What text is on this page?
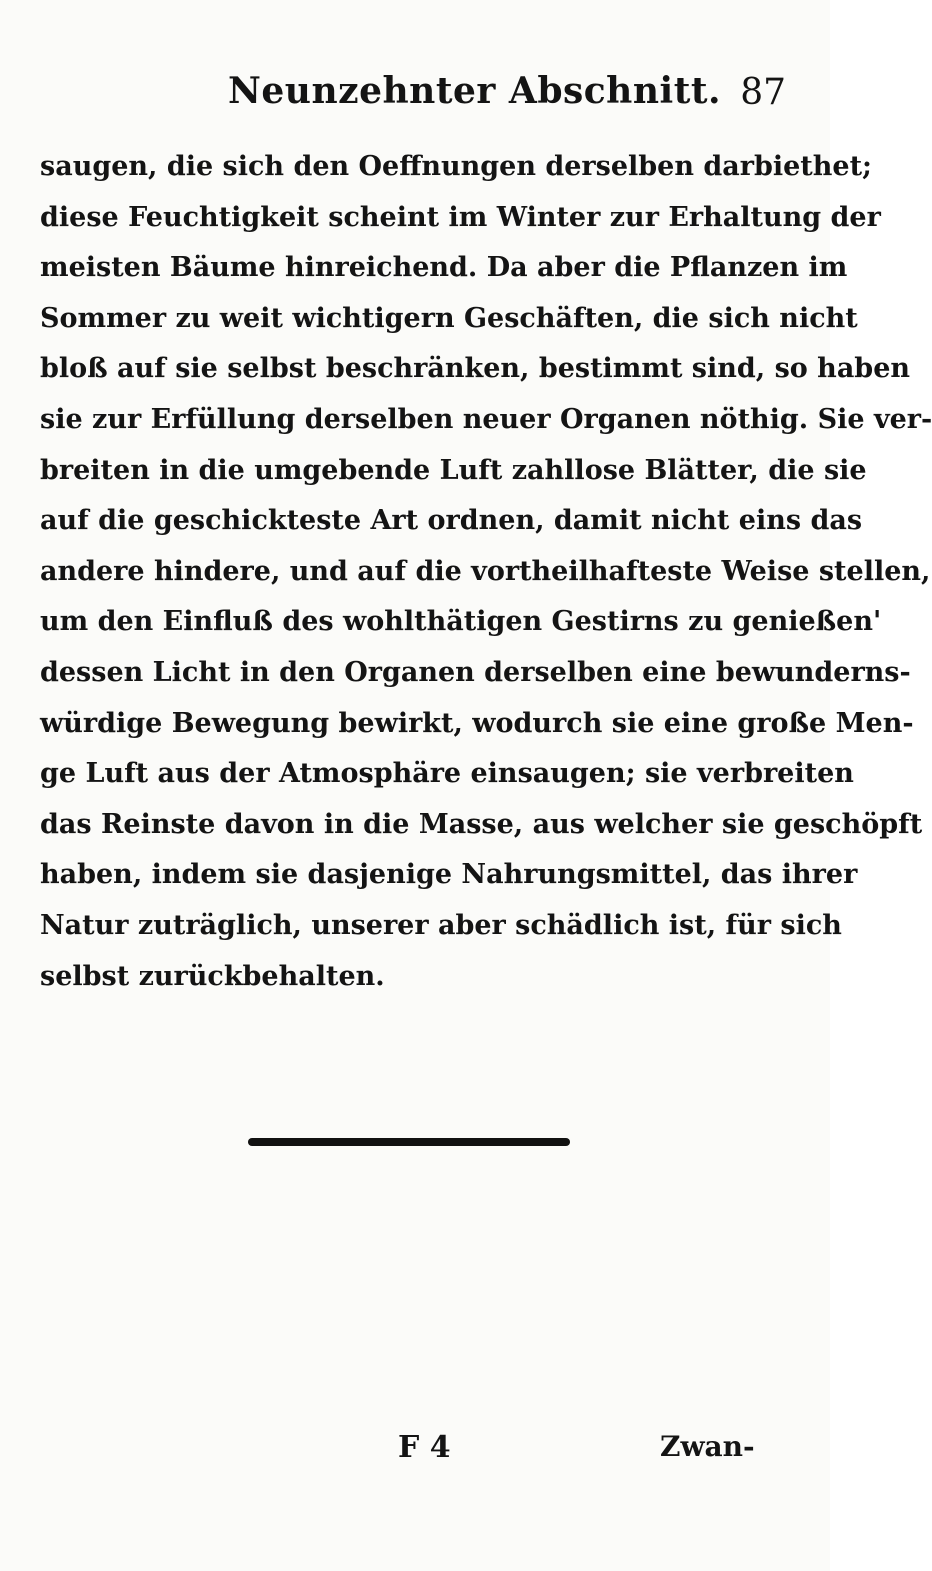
Neunzehnter Abschnitt. 87
saugen, die sich den Oeffnungen derselben darbiethet;
diese Feuchtigkeit scheint im Winter zur Erhaltung der
meisten Bäume hinreichend. Da aber die Pflanzen im
Sommer zu weit wichtigern Geschäften, die sich nicht
bloß auf sie selbst beschränken, bestimmt sind, so haben
sie zur Erfüllung derselben neuer Organen nöthig. Sie ver-
breiten in die umgebende Luft zahllose Blätter, die sie
auf die geschickteste Art ordnen, damit nicht eins das
andere hindere, und auf die vortheilhafteste Weise stellen,
um den Einfluß des wohlthätigen Gestirns zu genießen'
dessen Licht in den Organen derselben eine bewunderns-
würdige Bewegung bewirkt, wodurch sie eine große Men-
ge Luft aus der Atmosphäre einsaugen; sie verbreiten
das Reinste davon in die Masse, aus welcher sie geschöpft
haben, indem sie dasjenige Nahrungsmittel, das ihrer
Natur zuträglich, unserer aber schädlich ist, für sich
selbst zurückbehalten.
F 4	Zwan-
